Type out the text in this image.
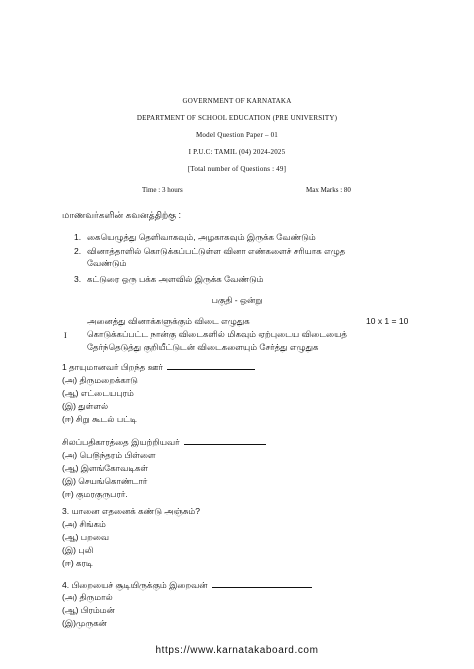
GOVERNMENT OF KARNATAKA
DEPARTMENT OF SCHOOL EDUCATION (PRE UNIVERSITY)
Model Question Paper – 01
I P.U.C: TAMIL (04) 2024-2025
[Total number of Questions : 49]
Time : 3 hours	Max Marks : 80
மாணவர்களின் கவனத்திற்கு :
1. கையெழுத்து தெளிவாகவும், அழகாகவும் இருக்க வேண்டும்
2. வினாத்தாளில் கொடுக்கப்பட்டுள்ள வினா எண்களைச் சரியாக எழுத
வேண்டும்
3. கட்டுரை ஒரு பக்க அளவில் இருக்க வேண்டும்
பகுதி - ஒன்று
அனைத்து வினாக்களுக்கும் விடை எழுதுக	10 x 1 = 10
I கொடுக்கப்பட்ட நான்கு விடைகளில் மிகவும் ஏற்புடைய விடையைத்
தேர்ந்தெடுத்து குறியீட்டுடன் விடைகளையும் சேர்த்து எழுதுக
1 தாயுமானவர் பிறந்த ஊர்
(அ) திருமறைக்காடு
(ஆ) எட்டையபுரம்
(இ) துள்ளல்
(ஈ) சிறு கூடல் பட்டி
சிலப்பதிகாரத்தை இயற்றியவர்
(அ) பெ௫ந்தரம் பிள்ளை
(ஆ) இளங்கோவடிகள்
(இ) செயங்கொண்டார்
(ஈ) குமரகுருபரர்.
3. யானை எதனைக் கண்டு அஞ்சும்?
(அ) சிங்கம்
(ஆ) பறவை
(இ) புலி
(ஈ) கரடி
4. பிறையைச் சூடியிருக்கும் இறைவன்
(அ) திருமால்
(ஆ) பிரம்மன்
(இ)முருகன்
https://www.karnatakaboard.com
